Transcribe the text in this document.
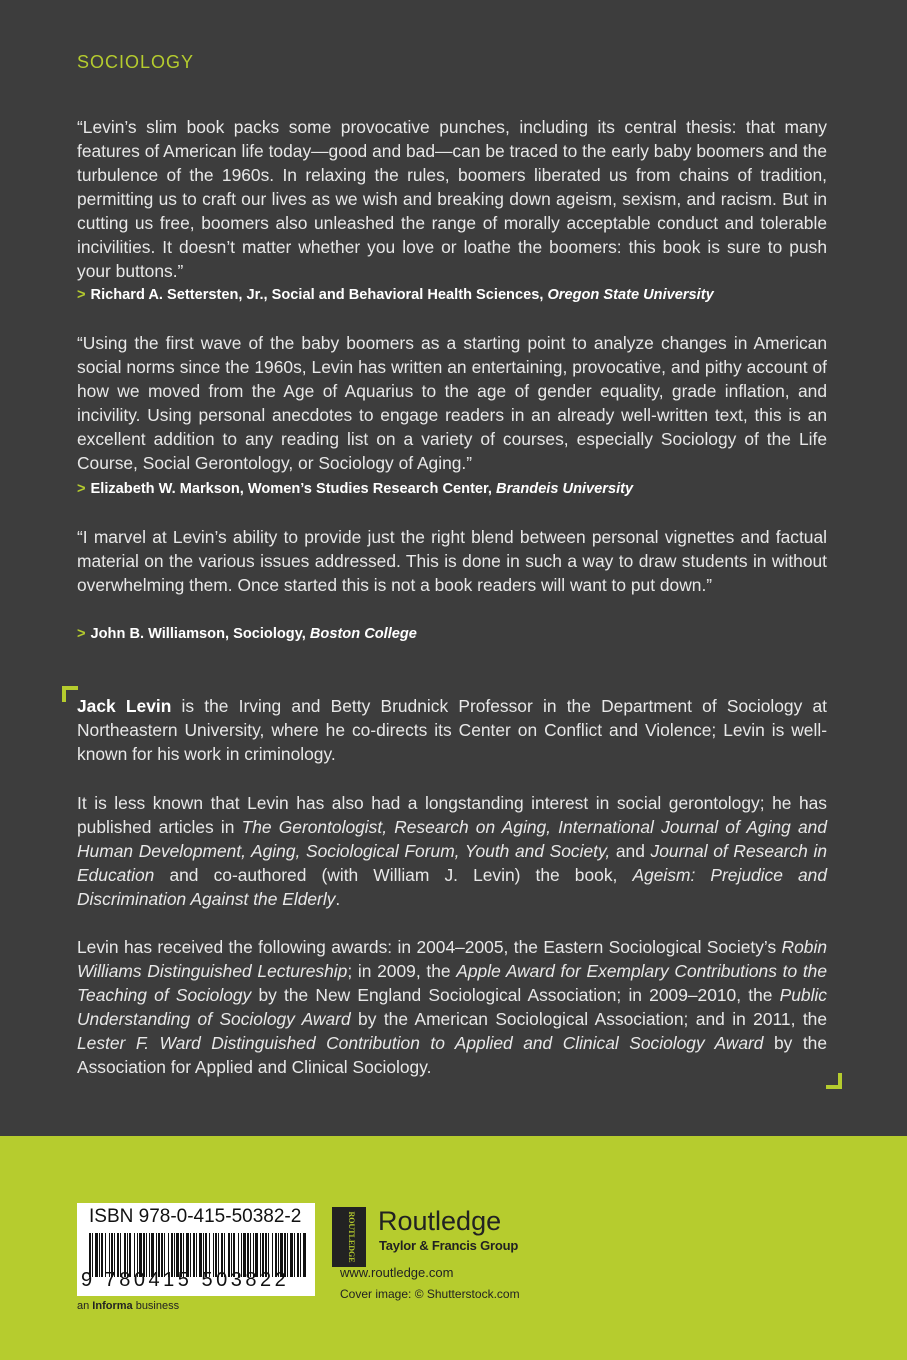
SOCIOLOGY
“Levin’s slim book packs some provocative punches, including its central thesis: that many features of American life today—good and bad—can be traced to the early baby boomers and the turbulence of the 1960s. In relaxing the rules, boomers liberated us from chains of tradition, permitting us to craft our lives as we wish and breaking down ageism, sexism, and racism. But in cutting us free, boomers also unleashed the range of morally acceptable conduct and tolerable incivilities. It doesn’t matter whether you love or loathe the boomers: this book is sure to push your buttons.”
> Richard A. Settersten, Jr., Social and Behavioral Health Sciences, Oregon State University
“Using the first wave of the baby boomers as a starting point to analyze changes in American social norms since the 1960s, Levin has written an entertaining, provocative, and pithy account of how we moved from the Age of Aquarius to the age of gender equality, grade inflation, and incivility. Using personal anecdotes to engage readers in an already well-written text, this is an excellent addition to any reading list on a variety of courses, especially Sociology of the Life Course, Social Gerontology, or Sociology of Aging.”
> Elizabeth W. Markson, Women’s Studies Research Center, Brandeis University
“I marvel at Levin’s ability to provide just the right blend between personal vignettes and factual material on the various issues addressed. This is done in such a way to draw students in without overwhelming them. Once started this is not a book readers will want to put down.”
> John B. Williamson, Sociology, Boston College
Jack Levin is the Irving and Betty Brudnick Professor in the Department of Sociology at Northeastern University, where he co-directs its Center on Conflict and Violence; Levin is well-known for his work in criminology.
It is less known that Levin has also had a longstanding interest in social gerontology; he has published articles in The Gerontologist, Research on Aging, International Journal of Aging and Human Development, Aging, Sociological Forum, Youth and Society, and Journal of Research in Education and co-authored (with William J. Levin) the book, Ageism: Prejudice and Discrimination Against the Elderly.
Levin has received the following awards: in 2004–2005, the Eastern Sociological Society’s Robin Williams Distinguished Lectureship; in 2009, the Apple Award for Exemplary Contributions to the Teaching of Sociology by the New England Sociological Association; in 2009–2010, the Public Understanding of Sociology Award by the American Sociological Association; and in 2011, the Lester F. Ward Distinguished Contribution to Applied and Clinical Sociology Award by the Association for Applied and Clinical Sociology.
ISBN 978-0-415-50382-2
9 780415 503822
an Informa business
ROUTLEDGE Routledge
Taylor & Francis Group
www.routledge.com
Cover image: © Shutterstock.com
